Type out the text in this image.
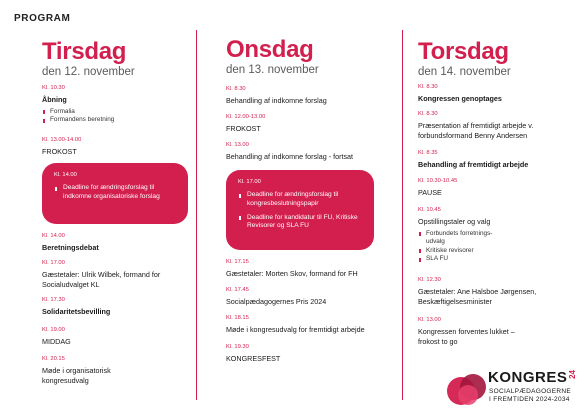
PROGRAM
Tirsdag
den 12. november
Kl. 10.30
Åbning
Formalia
Formandens beretning
Kl. 13.00-14.00
FROKOST
Kl. 14.00
Deadline for ændringsforslag til indkomne organisatoriske forslag
Kl. 14.00
Beretningsdebat
Kl. 17.00
Gæstetaler: Ulrik Wilbek, formand for Socialudvalget KL
Kl. 17.30
Solidaritetsbevilling
Kl. 19.00
MIDDAG
Kl. 20.15
Møde i organisatorisk kongresudvalg
Onsdag
den 13. november
Kl. 8.30
Behandling af indkomne forslag
Kl. 12.00-13.00
FROKOST
Kl. 13.00
Behandling af indkomne forslag - fortsat
Kl. 17.00
Deadline for ændringsforslag til kongresbeslutningspapir
Deadline for kandidatur til FU, Kritiske Revisorer og SLA FU
Kl. 17.15
Gæstetaler: Morten Skov, formand for FH
Kl. 17.45
Socialpædagogernes Pris 2024
Kl. 18.15
Møde i kongresudvalg for fremtidigt arbejde
Kl. 19.30
KONGRESFEST
Torsdag
den 14. november
Kl. 8.30
Kongressen genoptages
Kl. 8.30
Præsentation af fremtidigt arbejde v. forbundsformand Benny Andersen
Kl. 8.35
Behandling af fremtidigt arbejde
Kl. 10.30-10.45
PAUSE
Kl. 10.45
Opstillingstaler og valg
Forbundets forretnings-udvalg
Kritiske revisorer
SLA FU
Kl. 12.30
Gæstetaler: Ane Halsboe Jørgensen, Beskæftigelsesminister
Kl. 13.00
Kongressen forventes lukket – frokost to go
KONGRES 24
SOCIALPÆDAGOGERNE
I FREMTIDEN 2024-2034
